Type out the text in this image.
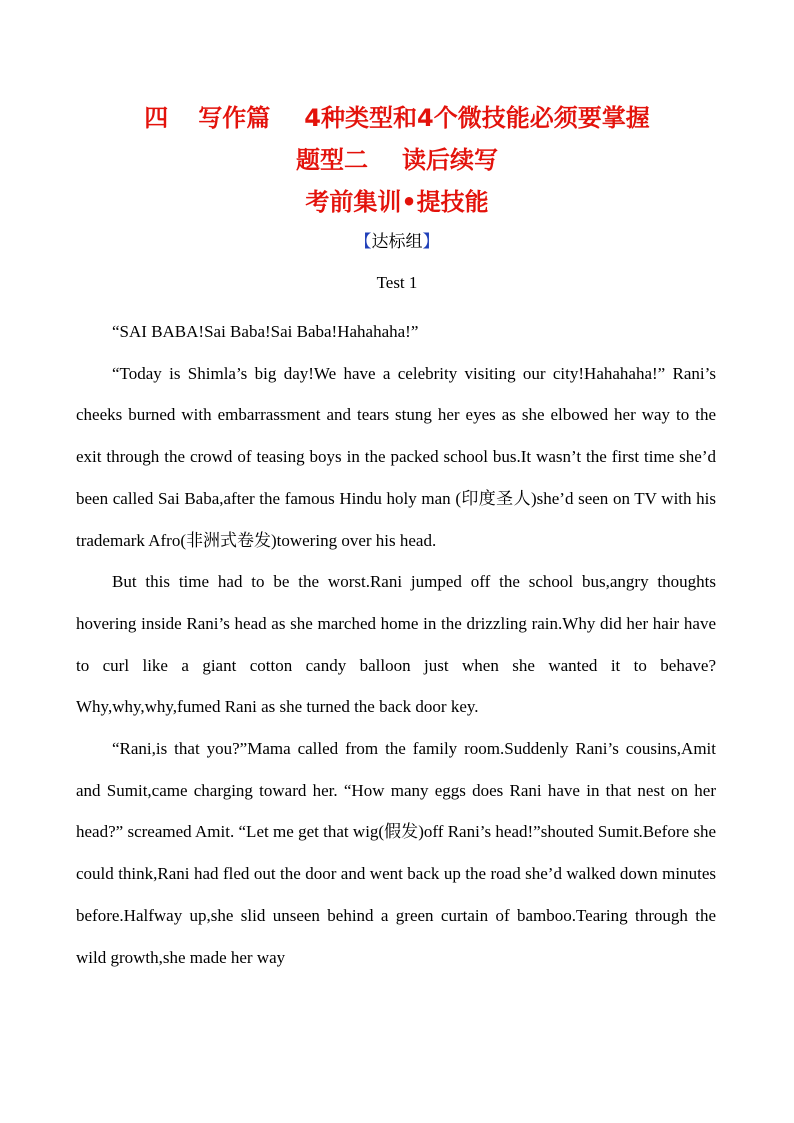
四 写作篇 4种类型和4个微技能必须要掌握
题型二 读后续写
考前集训•提技能
【达标组】
Test 1

“SAI BABA!Sai Baba!Sai Baba!Hahahaha!”

“Today is Shimla’s big day!We have a celebrity visiting our city!Hahahaha!” Rani’s cheeks burned with embarrassment and tears stung her eyes as she elbowed her way to the exit through the crowd of teasing boys in the packed school bus.It wasn’t the first time she’d been called Sai Baba,after the famous Hindu holy man (印度圣人)she’d seen on TV with his trademark Afro(非洲式卷发)towering over his head.

But this time had to be the worst.Rani jumped off the school bus,angry thoughts hovering inside Rani’s head as she marched home in the drizzling rain.Why did her hair have to curl like a giant cotton candy balloon just when she wanted it to behave?Why,why,why,fumed Rani as she turned the back door key.

“Rani,is that you?”Mama called from the family room.Suddenly Rani’s cousins,Amit and Sumit,came charging toward her. “How many eggs does Rani have in that nest on her head?” screamed Amit. “Let me get that wig(假发)off Rani’s head!”shouted Sumit.Before she could think,Rani had fled out the door and went back up the road she’d walked down minutes before.Halfway up,she slid unseen behind a green curtain of bamboo.Tearing through the wild growth,she made her way
